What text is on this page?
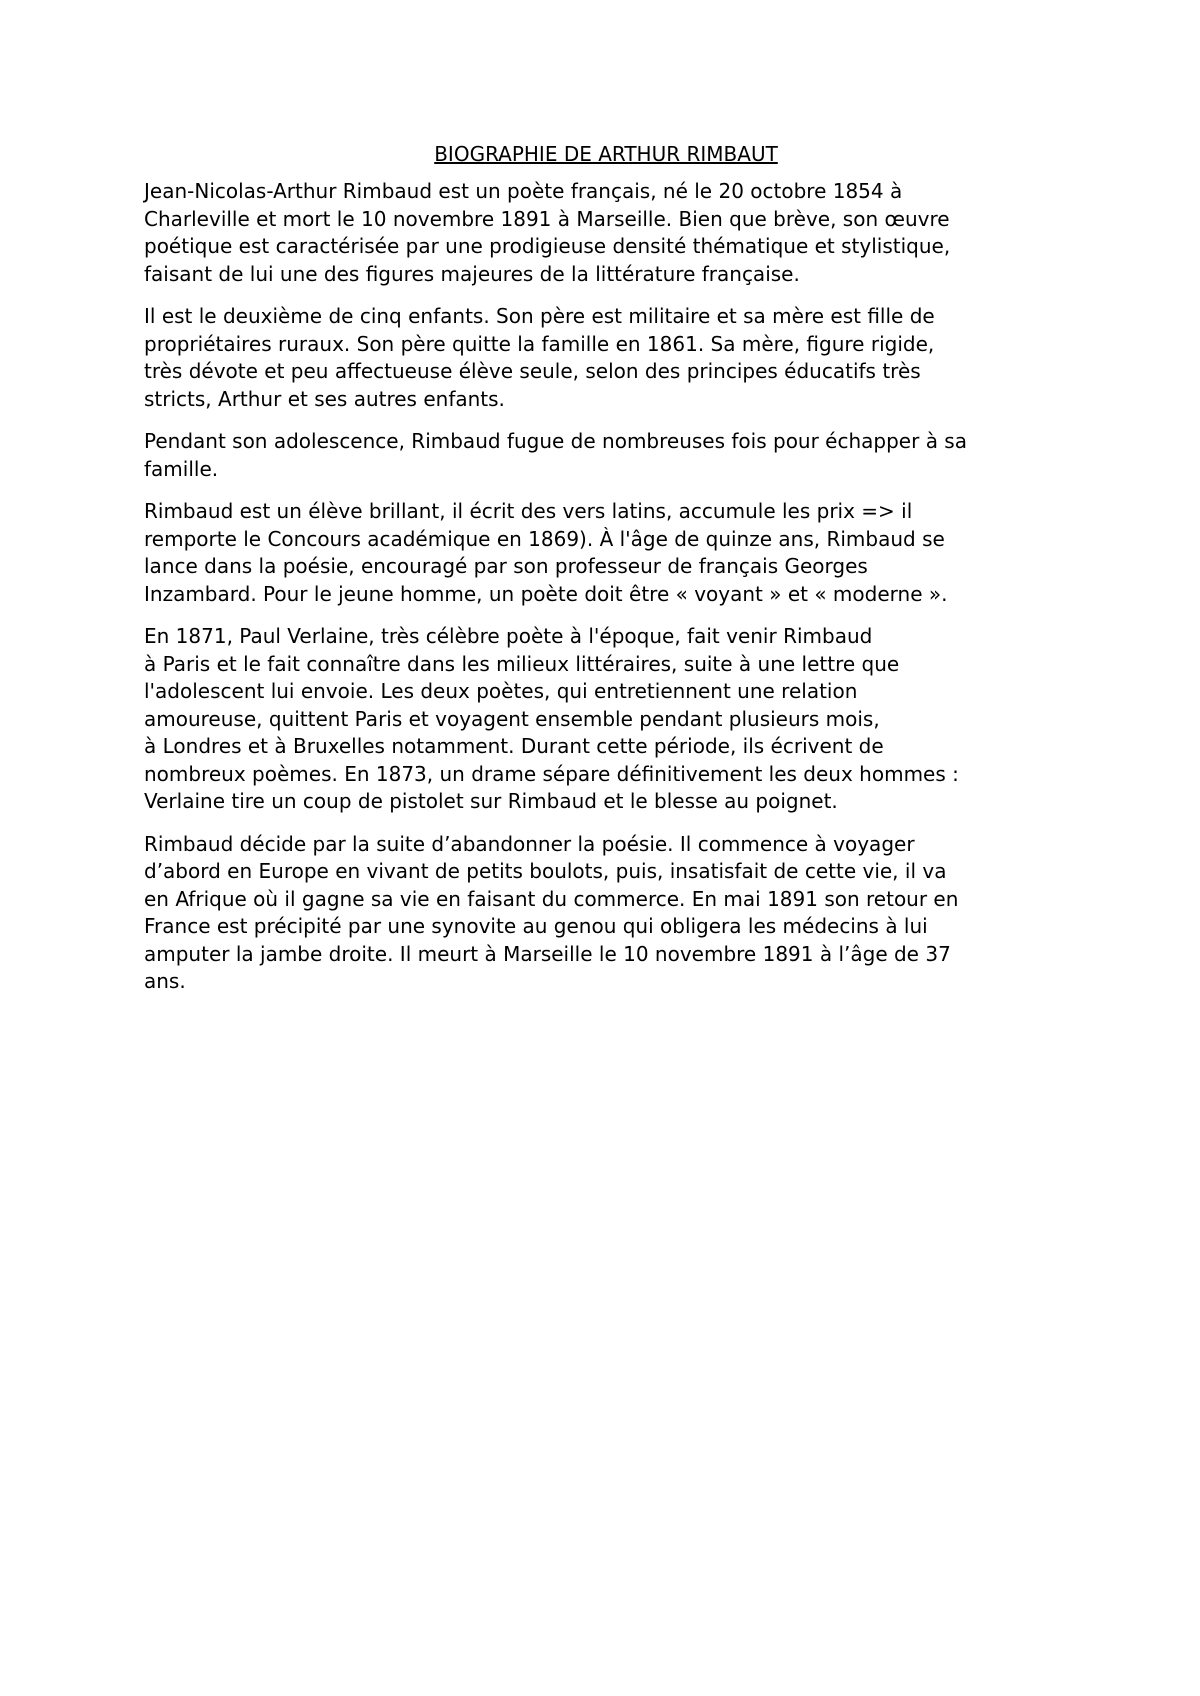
BIOGRAPHIE DE ARTHUR RIMBAUT

Jean-Nicolas-Arthur Rimbaud est un poète français, né le 20 octobre 1854 à
Charleville et mort le 10 novembre 1891 à Marseille. Bien que brève, son œuvre
poétique est caractérisée par une prodigieuse densité thématique et stylistique,
faisant de lui une des figures majeures de la littérature française.

Il est le deuxième de cinq enfants. Son père est militaire et sa mère est fille de
propriétaires ruraux. Son père quitte la famille en 1861. Sa mère, figure rigide,
très dévote et peu affectueuse élève seule, selon des principes éducatifs très
stricts, Arthur et ses autres enfants.

Pendant son adolescence, Rimbaud fugue de nombreuses fois pour échapper à sa
famille.

Rimbaud est un élève brillant, il écrit des vers latins, accumule les prix => il
remporte le Concours académique en 1869). À l'âge de quinze ans, Rimbaud se
lance dans la poésie, encouragé par son professeur de français Georges
Inzambard. Pour le jeune homme, un poète doit être « voyant » et « moderne ».

En 1871, Paul Verlaine, très célèbre poète à l'époque, fait venir Rimbaud
à Paris et le fait connaître dans les milieux littéraires, suite à une lettre que
l'adolescent lui envoie. Les deux poètes, qui entretiennent une relation
amoureuse, quittent Paris et voyagent ensemble pendant plusieurs mois,
à Londres et à Bruxelles notamment. Durant cette période, ils écrivent de
nombreux poèmes. En 1873, un drame sépare définitivement les deux hommes :
Verlaine tire un coup de pistolet sur Rimbaud et le blesse au poignet.

Rimbaud décide par la suite d’abandonner la poésie. Il commence à voyager
d’abord en Europe en vivant de petits boulots, puis, insatisfait de cette vie, il va
en Afrique où il gagne sa vie en faisant du commerce. En mai 1891 son retour en
France est précipité par une synovite au genou qui obligera les médecins à lui
amputer la jambe droite. Il meurt à Marseille le 10 novembre 1891 à l’âge de 37
ans.
